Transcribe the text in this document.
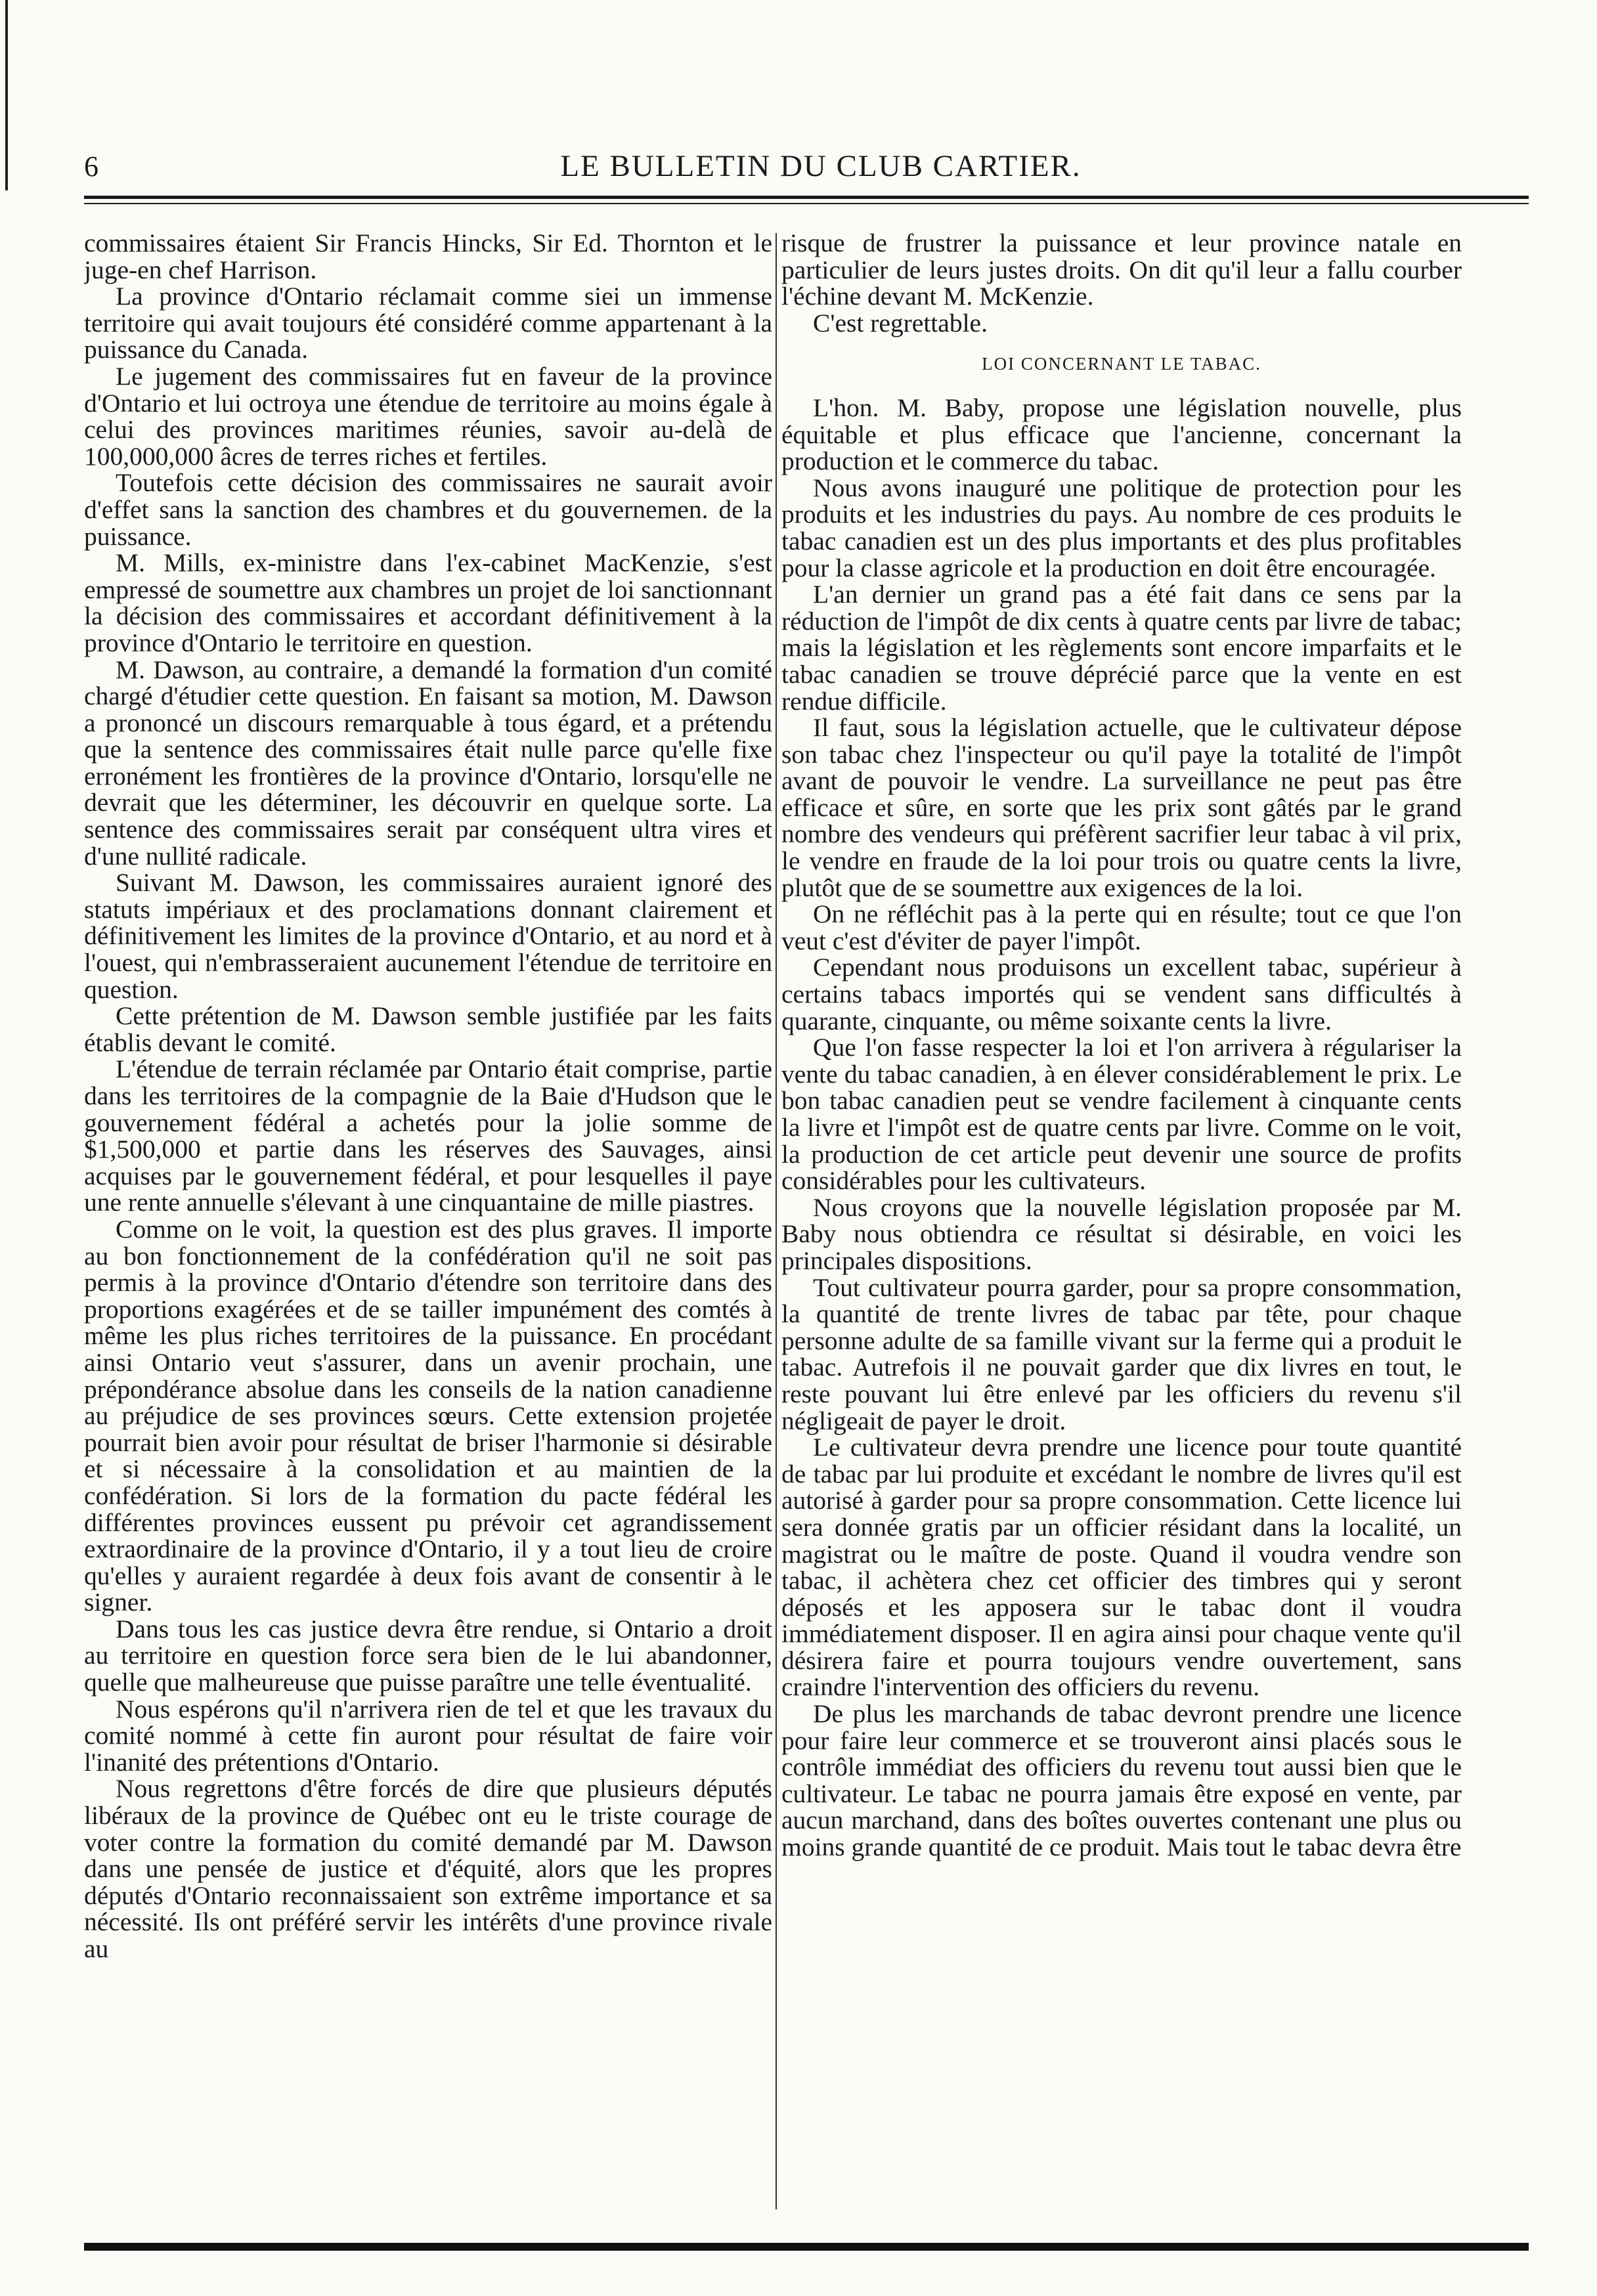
6	LE BULLETIN DU CLUB CARTIER.

commissaires étaient Sir Francis Hincks, Sir Ed. Thornton et le juge-en chef Harrison.

La province d'Ontario réclamait comme siei un immense territoire qui avait toujours été considéré comme appartenant à la puissance du Canada.

Le jugement des commissaires fut en faveur de la province d'Ontario et lui octroya une étendue de territoire au moins égale à celui des provinces maritimes réunies, savoir au-delà de 100,000,000 âcres de terres riches et fertiles.

Toutefois cette décision des commissaires ne saurait avoir d'effet sans la sanction des chambres et du gouvernemen. de la puissance.

M. Mills, ex-ministre dans l'ex-cabinet MacKenzie, s'est empressé de soumettre aux chambres un projet de loi sanctionnant la décision des commissaires et accordant définitivement à la province d'Ontario le territoire en question.

M. Dawson, au contraire, a demandé la formation d'un comité chargé d'étudier cette question. En faisant sa motion, M. Dawson a prononcé un discours remarquable à tous égard, et a prétendu que la sentence des commissaires était nulle parce qu'elle fixe erronément les frontières de la province d'Ontario, lorsqu'elle ne devrait que les déterminer, les découvrir en quelque sorte. La sentence des commissaires serait par conséquent ultra vires et d'une nullité radicale.

Suivant M. Dawson, les commissaires auraient ignoré des statuts impériaux et des proclamations donnant clairement et définitivement les limites de la province d'Ontario, et au nord et à l'ouest, qui n'embrasseraient aucunement l'étendue de territoire en question.

Cette prétention de M. Dawson semble justifiée par les faits établis devant le comité.

L'étendue de terrain réclamée par Ontario était comprise, partie dans les territoires de la compagnie de la Baie d'Hudson que le gouvernement fédéral a achetés pour la jolie somme de $1,500,000 et partie dans les réserves des Sauvages, ainsi acquises par le gouvernement fédéral, et pour lesquelles il paye une rente annuelle s'élevant à une cinquantaine de mille piastres.

Comme on le voit, la question est des plus graves. Il importe au bon fonctionnement de la confédération qu'il ne soit pas permis à la province d'Ontario d'étendre son territoire dans des proportions exagérées et de se tailler impunément des comtés à même les plus riches territoires de la puissance. En procédant ainsi Ontario veut s'assurer, dans un avenir prochain, une prépondérance absolue dans les conseils de la nation canadienne au préjudice de ses provinces sœurs. Cette extension projetée pourrait bien avoir pour résultat de briser l'harmonie si désirable et si nécessaire à la consolidation et au maintien de la confédération. Si lors de la formation du pacte fédéral les différentes provinces eussent pu prévoir cet agrandissement extraordinaire de la province d'Ontario, il y a tout lieu de croire qu'elles y auraient regardée à deux fois avant de consentir à le signer.

Dans tous les cas justice devra être rendue, si Ontario a droit au territoire en question force sera bien de le lui abandonner, quelle que malheureuse que puisse paraître une telle éventualité.

Nous espérons qu'il n'arrivera rien de tel et que les travaux du comité nommé à cette fin auront pour résultat de faire voir l'inanité des prétentions d'Ontario.

Nous regrettons d'être forcés de dire que plusieurs députés libéraux de la province de Québec ont eu le triste courage de voter contre la formation du comité demandé par M. Dawson dans une pensée de justice et d'équité, alors que les propres députés d'Ontario reconnaissaient son extrême importance et sa nécessité. Ils ont préféré servir les intérêts d'une province rivale au

risque de frustrer la puissance et leur province natale en particulier de leurs justes droits. On dit qu'il leur a fallu courber l'échine devant M. McKenzie.

C'est regrettable.

LOI CONCERNANT LE TABAC.

L'hon. M. Baby, propose une législation nouvelle, plus équitable et plus efficace que l'ancienne, concernant la production et le commerce du tabac.

Nous avons inauguré une politique de protection pour les produits et les industries du pays. Au nombre de ces produits le tabac canadien est un des plus importants et des plus profitables pour la classe agricole et la production en doit être encouragée.

L'an dernier un grand pas a été fait dans ce sens par la réduction de l'impôt de dix cents à quatre cents par livre de tabac; mais la législation et les règlements sont encore imparfaits et le tabac canadien se trouve déprécié parce que la vente en est rendue difficile.

Il faut, sous la législation actuelle, que le cultivateur dépose son tabac chez l'inspecteur ou qu'il paye la totalité de l'impôt avant de pouvoir le vendre. La surveillance ne peut pas être efficace et sûre, en sorte que les prix sont gâtés par le grand nombre des vendeurs qui préfèrent sacrifier leur tabac à vil prix, le vendre en fraude de la loi pour trois ou quatre cents la livre, plutôt que de se soumettre aux exigences de la loi.

On ne réfléchit pas à la perte qui en résulte; tout ce que l'on veut c'est d'éviter de payer l'impôt.

Cependant nous produisons un excellent tabac, supérieur à certains tabacs importés qui se vendent sans difficultés à quarante, cinquante, ou même soixante cents la livre.

Que l'on fasse respecter la loi et l'on arrivera à régulariser la vente du tabac canadien, à en élever considérablement le prix. Le bon tabac canadien peut se vendre facilement à cinquante cents la livre et l'impôt est de quatre cents par livre. Comme on le voit, la production de cet article peut devenir une source de profits considérables pour les cultivateurs.

Nous croyons que la nouvelle législation proposée par M. Baby nous obtiendra ce résultat si désirable, en voici les principales dispositions.

Tout cultivateur pourra garder, pour sa propre consommation, la quantité de trente livres de tabac par tête, pour chaque personne adulte de sa famille vivant sur la ferme qui a produit le tabac. Autrefois il ne pouvait garder que dix livres en tout, le reste pouvant lui être enlevé par les officiers du revenu s'il négligeait de payer le droit.

Le cultivateur devra prendre une licence pour toute quantité de tabac par lui produite et excédant le nombre de livres qu'il est autorisé à garder pour sa propre consommation. Cette licence lui sera donnée gratis par un officier résidant dans la localité, un magistrat ou le maître de poste. Quand il voudra vendre son tabac, il achètera chez cet officier des timbres qui y seront déposés et les apposera sur le tabac dont il voudra immédiatement disposer. Il en agira ainsi pour chaque vente qu'il désirera faire et pourra toujours vendre ouvertement, sans craindre l'intervention des officiers du revenu.

De plus les marchands de tabac devront prendre une licence pour faire leur commerce et se trouveront ainsi placés sous le contrôle immédiat des officiers du revenu tout aussi bien que le cultivateur. Le tabac ne pourra jamais être exposé en vente, par aucun marchand, dans des boîtes ouvertes contenant une plus ou moins grande quantité de ce produit. Mais tout le tabac devra être
